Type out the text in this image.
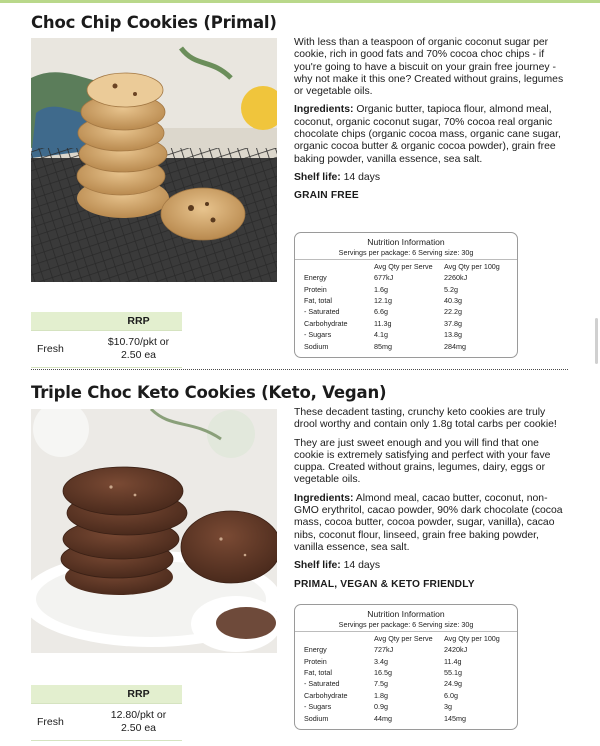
Choc Chip Cookies (Primal)
	RRP
Fresh	$10.70/pkt or
2.50 ea

With less than a teaspoon of organic coconut sugar per cookie, rich in good fats and 70% cocoa choc chips - if you're going to have a biscuit on your grain free journey - why not make it this one? Created without grains, legumes or vegetable oils.

Ingredients: Organic butter, tapioca flour, almond meal, coconut, organic coconut sugar, 70% cocoa real organic chocolate chips (organic cocoa mass, organic cane sugar, organic cocoa butter & organic cocoa powder), grain free baking powder, vanilla essence, sea salt.

Shelf life: 14 days

GRAIN FREE

Nutrition Information
Servings per package: 6 Serving size: 30g
	Avg Qty per Serve	Avg Qty per 100g
Energy	677kJ	2260kJ
Protein	1.6g	5.2g
Fat, total	12.1g	40.3g
- Saturated	6.6g	22.2g
Carbohydrate	11.3g	37.8g
- Sugars	4.1g	13.8g
Sodium	85mg	284mg
Triple Choc Keto Cookies (Keto, Vegan)
	RRP
Fresh	12.80/pkt or
2.50 ea

These decadent tasting, crunchy keto cookies are truly drool worthy and contain only 1.8g total carbs per cookie!

They are just sweet enough and you will find that one cookie is extremely satisfying and perfect with your fave cuppa. Created without grains, legumes, dairy, eggs or vegetable oils.

Ingredients: Almond meal, cacao butter, coconut, non-GMO erythritol, cacao powder, 90% dark chocolate (cocoa mass, cocoa butter, cocoa powder, sugar, vanilla), cacao nibs, coconut flour, linseed, grain free baking powder, vanilla essence, sea salt.

Shelf life: 14 days

PRIMAL, VEGAN & KETO FRIENDLY

Nutrition Information
Servings per package: 6 Serving size: 30g
	Avg Qty per Serve	Avg Qty per 100g
Energy	727kJ	2420kJ
Protein	3.4g	11.4g
Fat, total	16.5g	55.1g
- Saturated	7.5g	24.9g
Carbohydrate	1.8g	6.0g
- Sugars	0.9g	3g
Sodium	44mg	145mg
